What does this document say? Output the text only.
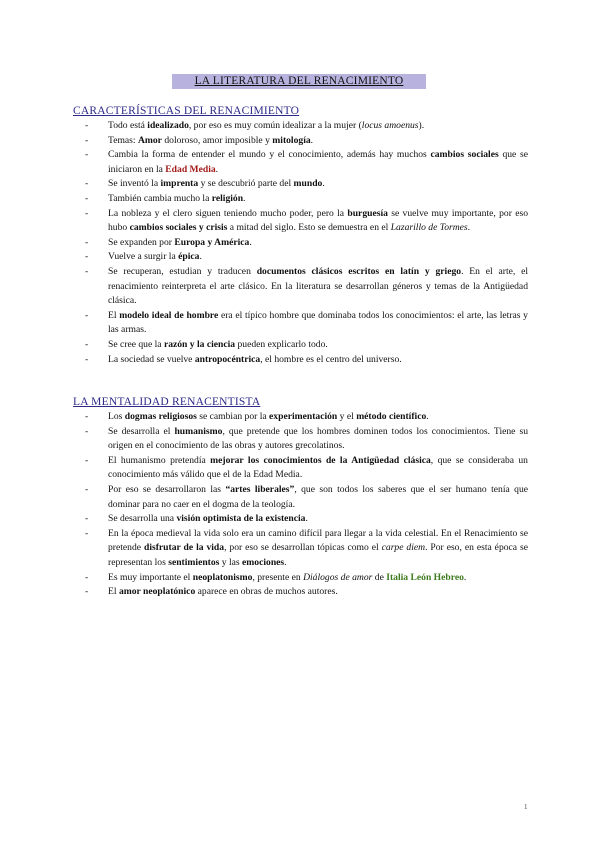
LA LITERATURA DEL RENACIMIENTO
CARACTERÍSTICAS DEL RENACIMIENTO
- Todo está idealizado, por eso es muy común idealizar a la mujer (locus amoenus).
- Temas: Amor doloroso, amor imposible y mitología.
- Cambia la forma de entender el mundo y el conocimiento, además hay muchos cambios sociales que se iniciaron en la Edad Media.
- Se inventó la imprenta y se descubrió parte del mundo.
- También cambia mucho la religión.
- La nobleza y el clero siguen teniendo mucho poder, pero la burguesía se vuelve muy importante, por eso hubo cambios sociales y crisis a mitad del siglo. Esto se demuestra en el Lazarillo de Tormes.
- Se expanden por Europa y América.
- Vuelve a surgir la épica.
- Se recuperan, estudian y traducen documentos clásicos escritos en latín y griego. En el arte, el renacimiento reinterpreta el arte clásico. En la literatura se desarrollan géneros y temas de la Antigüedad clásica.
- El modelo ideal de hombre era el típico hombre que dominaba todos los conocimientos: el arte, las letras y las armas.
- Se cree que la razón y la ciencia pueden explicarlo todo.
- La sociedad se vuelve antropocéntrica, el hombre es el centro del universo.
LA MENTALIDAD RENACENTISTA
- Los dogmas religiosos se cambian por la experimentación y el método científico.
- Se desarrolla el humanismo, que pretende que los hombres dominen todos los conocimientos. Tiene su origen en el conocimiento de las obras y autores grecolatinos.
- El humanismo pretendía mejorar los conocimientos de la Antigüedad clásica, que se consideraba un conocimiento más válido que el de la Edad Media.
- Por eso se desarrollaron las “artes liberales”, que son todos los saberes que el ser humano tenía que dominar para no caer en el dogma de la teología.
- Se desarrolla una visión optimista de la existencia.
- En la época medieval la vida solo era un camino difícil para llegar a la vida celestial. En el Renacimiento se pretende disfrutar de la vida, por eso se desarrollan tópicas como el carpe diem. Por eso, en esta época se representan los sentimientos y las emociones.
- Es muy importante el neoplatonismo, presente en Diálogos de amor de Italia León Hebreo.
- El amor neoplatónico aparece en obras de muchos autores.
1
